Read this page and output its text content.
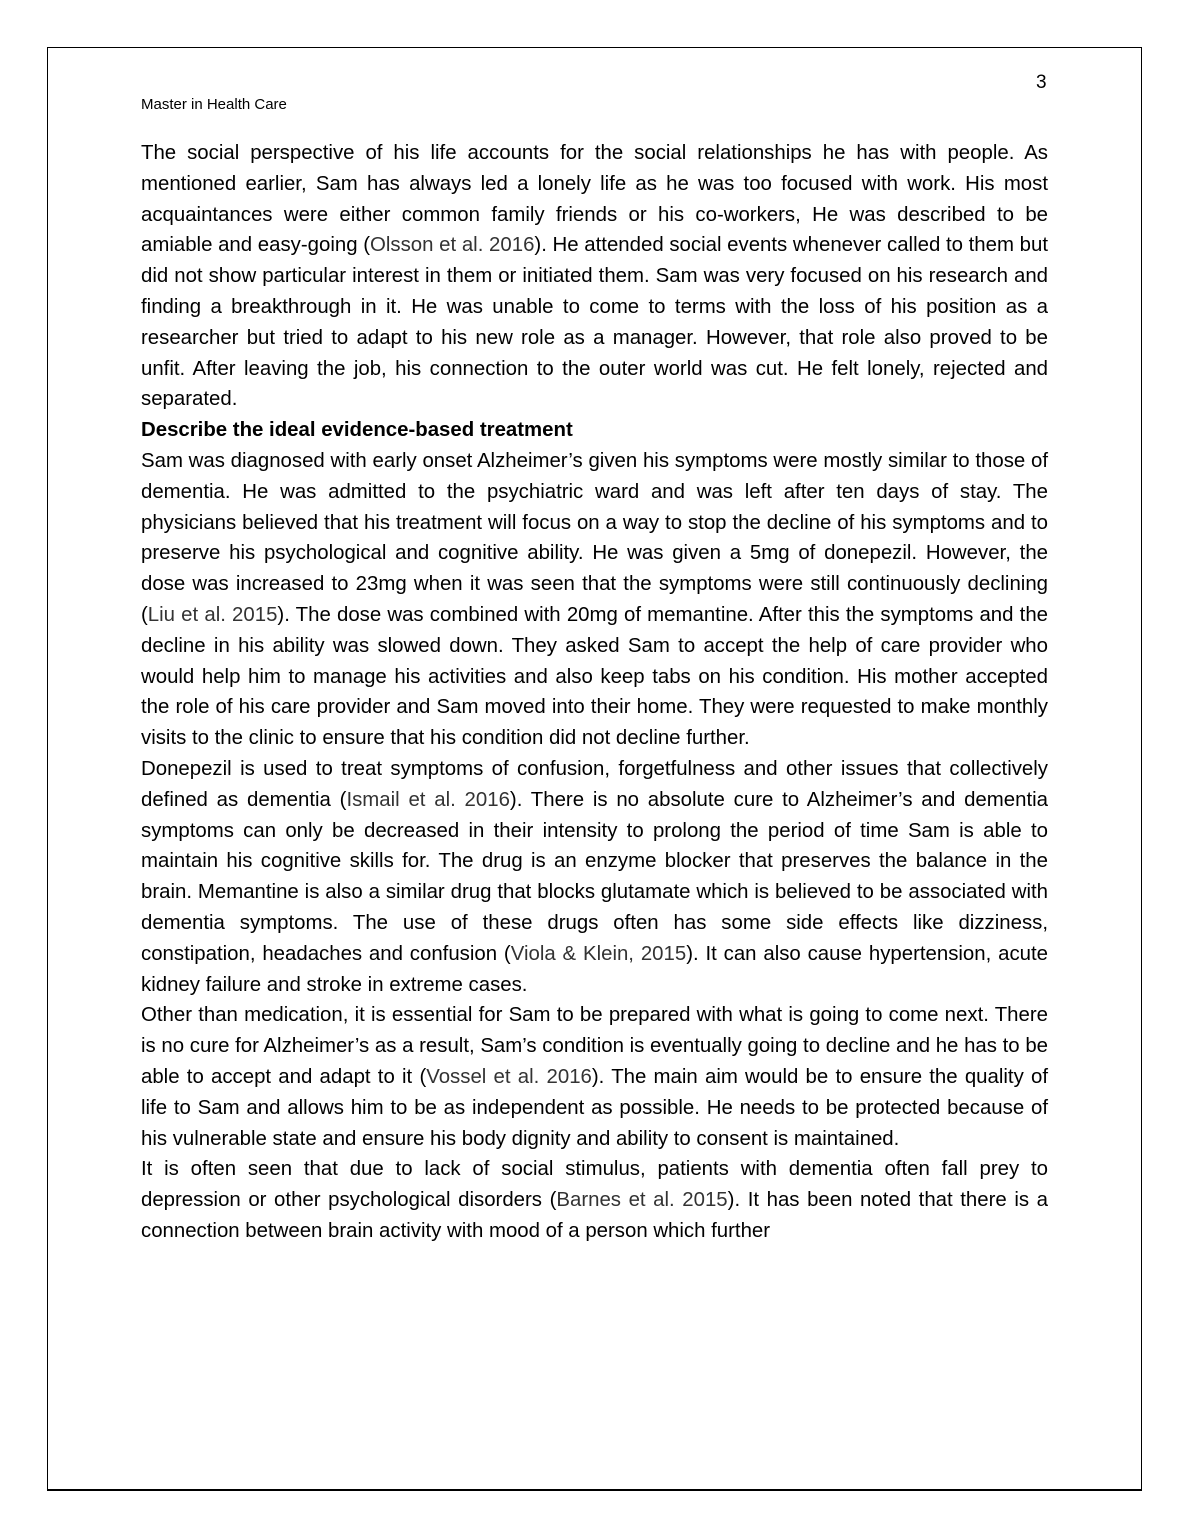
3
Master in Health Care

The social perspective of his life accounts for the social relationships he has with people. As mentioned earlier, Sam has always led a lonely life as he was too focused with work. His most acquaintances were either common family friends or his co-workers, He was described to be amiable and easy-going (Olsson et al. 2016). He attended social events whenever called to them but did not show particular interest in them or initiated them. Sam was very focused on his research and finding a breakthrough in it. He was unable to come to terms with the loss of his position as a researcher but tried to adapt to his new role as a manager. However, that role also proved to be unfit. After leaving the job, his connection to the outer world was cut. He felt lonely, rejected and separated.

Describe the ideal evidence-based treatment

Sam was diagnosed with early onset Alzheimer’s given his symptoms were mostly similar to those of dementia. He was admitted to the psychiatric ward and was left after ten days of stay. The physicians believed that his treatment will focus on a way to stop the decline of his symptoms and to preserve his psychological and cognitive ability. He was given a 5mg of donepezil. However, the dose was increased to 23mg when it was seen that the symptoms were still continuously declining (Liu et al. 2015). The dose was combined with 20mg of memantine. After this the symptoms and the decline in his ability was slowed down. They asked Sam to accept the help of care provider who would help him to manage his activities and also keep tabs on his condition. His mother accepted the role of his care provider and Sam moved into their home. They were requested to make monthly visits to the clinic to ensure that his condition did not decline further.

Donepezil is used to treat symptoms of confusion, forgetfulness and other issues that collectively defined as dementia (Ismail et al. 2016). There is no absolute cure to Alzheimer’s and dementia symptoms can only be decreased in their intensity to prolong the period of time Sam is able to maintain his cognitive skills for. The drug is an enzyme blocker that preserves the balance in the brain. Memantine is also a similar drug that blocks glutamate which is believed to be associated with dementia symptoms. The use of these drugs often has some side effects like dizziness, constipation, headaches and confusion (Viola & Klein, 2015). It can also cause hypertension, acute kidney failure and stroke in extreme cases.

Other than medication, it is essential for Sam to be prepared with what is going to come next. There is no cure for Alzheimer’s as a result, Sam’s condition is eventually going to decline and he has to be able to accept and adapt to it (Vossel et al. 2016). The main aim would be to ensure the quality of life to Sam and allows him to be as independent as possible. He needs to be protected because of his vulnerable state and ensure his body dignity and ability to consent is maintained.

It is often seen that due to lack of social stimulus, patients with dementia often fall prey to depression or other psychological disorders (Barnes et al. 2015). It has been noted that there is a connection between brain activity with mood of a person which further
